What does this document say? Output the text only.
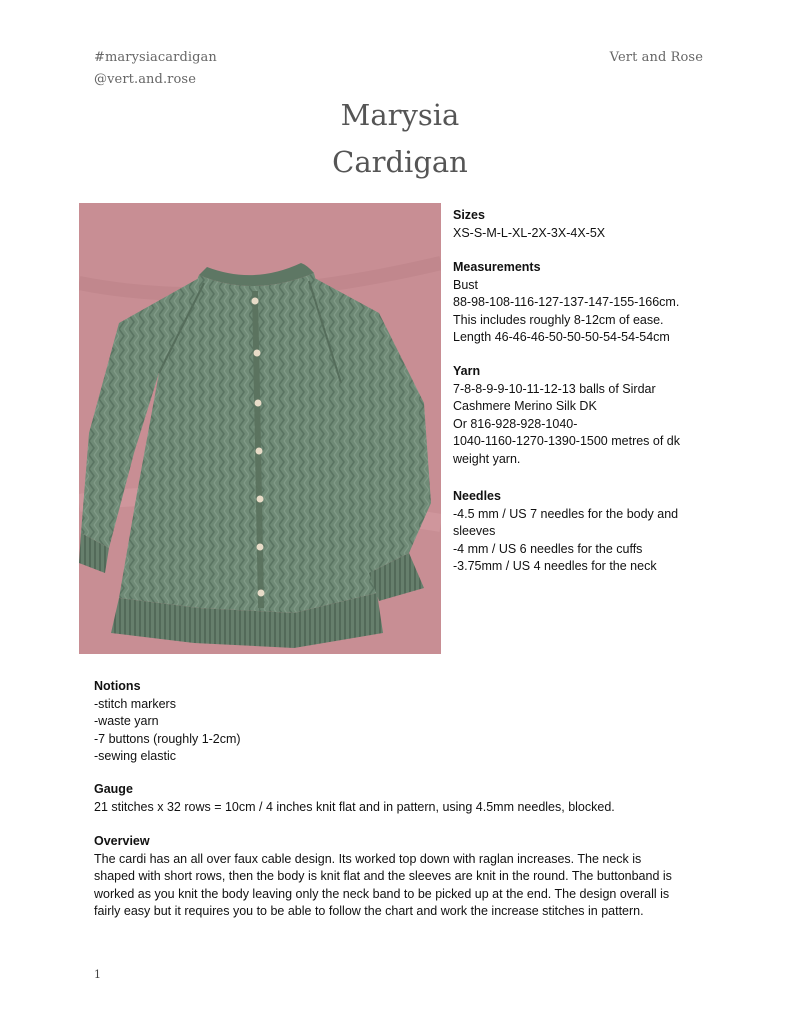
#marysiacardigan
@vert.and.rose
Vert and Rose
Marysia
Cardigan
Sizes
XS-S-M-L-XL-2X-3X-4X-5X
Measurements
Bust
88-98-108-116-127-137-147-155-166cm.
This includes roughly 8-12cm of ease.
Length 46-46-46-50-50-50-54-54-54cm
Yarn
7-8-8-9-9-10-11-12-13 balls of Sirdar
Cashmere Merino Silk DK
Or 816-928-928-1040-
1040-1160-1270-1390-1500 metres of dk
weight yarn.
Needles
-4.5 mm / US 7 needles for the body and
sleeves
-4 mm / US 6 needles for the cuffs
-3.75mm / US 4 needles for the neck
Notions
-stitch markers
-waste yarn
-7 buttons (roughly 1-2cm)
-sewing elastic
Gauge
21 stitches x 32 rows = 10cm / 4 inches knit flat and in pattern, using 4.5mm needles, blocked.
Overview
The cardi has an all over faux cable design. Its worked top down with raglan increases. The neck is
shaped with short rows, then the body is knit flat and the sleeves are knit in the round. The buttonband is
worked as you knit the body leaving only the neck band to be picked up at the end. The design overall is
fairly easy but it requires you to be able to follow the chart and work the increase stitches in pattern.
1
